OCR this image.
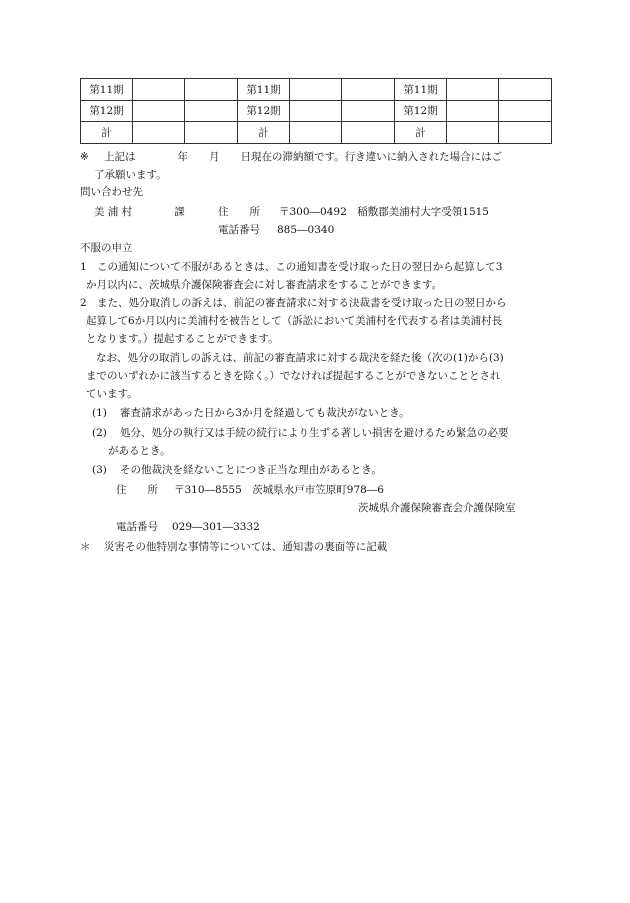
第11期			第11期			第11期		
第12期			第12期			第12期		
計			計			計		
※ 上記は　　　　年　　月　　日現在の滞納額です。行き違いに納入された場合にはご
了承願います。
問い合わせ先
美 浦 村　　　　課	住　　所 〒300―0492　稲敷郡美浦村大字受領1515
電話番号 885―0340
不服の申立
1 この通知について不服があるときは、この通知書を受け取った日の翌日から起算して3
か月以内に、茨城県介護保険審査会に対し審査請求をすることができます。
2 また、処分取消しの訴えは、前記の審査請求に対する決裁書を受け取った日の翌日から
起算して6か月以内に美浦村を被告として（訴訟において美浦村を代表する者は美浦村長
となります。）提起することができます。
なお、処分の取消しの訴えは、前記の審査請求に対する裁決を経た後（次の(1)から(3)
までのいずれかに該当するときを除く。）でなければ提起することができないこととされ
ています。
(1) 審査請求があった日から3か月を経過しても裁決がないとき。
(2) 処分、処分の執行又は手続の続行により生ずる著しい損害を避けるため緊急の必要
があるとき。
(3) その他裁決を経ないことにつき正当な理由があるとき。
住　　所 〒310―8555　茨城県水戸市笠原町978―6
茨城県介護保険審査会介護保険室
電話番号 029―301―3332
＊ 災害その他特別な事情等については、通知書の裏面等に記載
